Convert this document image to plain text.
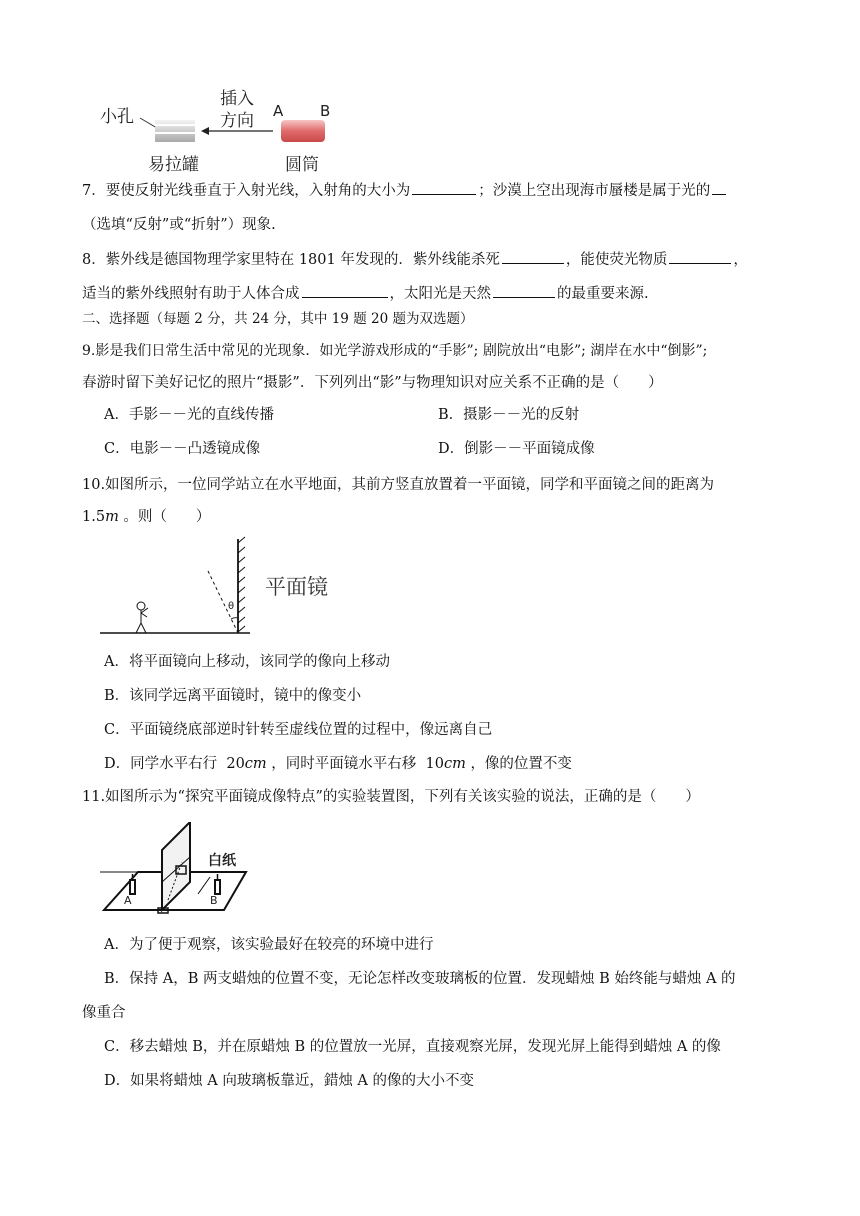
小孔
插入
方向 A B
易拉罐	圆筒
7．要使反射光线垂直于入射光线，入射角的大小为	；沙漠上空出现海市蜃楼是属于光的
（选填“反射”或“折射”）现象.
8．紫外线是德国物理学家里特在 1801 年发现的．紫外线能杀死	，能使荧光物质	，
适当的紫外线照射有助于人体合成	，太阳光是天然	的最重要来源.
二、选择题（每题 2 分，共 24 分，其中 19 题 20 题为双选题）
9.影是我们日常生活中常见的光现象．如光学游戏形成的“手影”; 剧院放出“电影”; 湖岸在水中“倒影”;
春游时留下美好记忆的照片“摄影”．下列列出“影”与物理知识对应关系不正确的是（　　）
A．手影－－光的直线传播	B．摄影－－光的反射
C．电影－－凸透镜成像	D．倒影－－平面镜成像
10.如图所示，一位同学站立在水平地面，其前方竖直放置着一平面镜，同学和平面镜之间的距离为
1.5m 。则（　　）
θ
平面镜
A．将平面镜向上移动，该同学的像向上移动
B．该同学远离平面镜时，镜中的像变小
C．平面镜绕底部逆时针转至虚线位置的过程中，像远离自己
D．同学水平右行 20cm ，同时平面镜水平右移 10cm ，像的位置不变
11.如图所示为“探究平面镜成像特点”的实验装置图，下列有关该实验的说法，正确的是（　　）
白纸
A	B
A．为了便于观察，该实验最好在较亮的环境中进行
B．保持 A，B 两支蜡烛的位置不变，无论怎样改变玻璃板的位置．发现蜡烛 B 始终能与蜡烛 A 的
像重合
C．移去蜡烛 B，并在原蜡烛 B 的位置放一光屏，直接观察光屏，发现光屏上能得到蜡烛 A 的像
D．如果将蜡烛 A 向玻璃板靠近，錯烛 A 的像的大小不变
